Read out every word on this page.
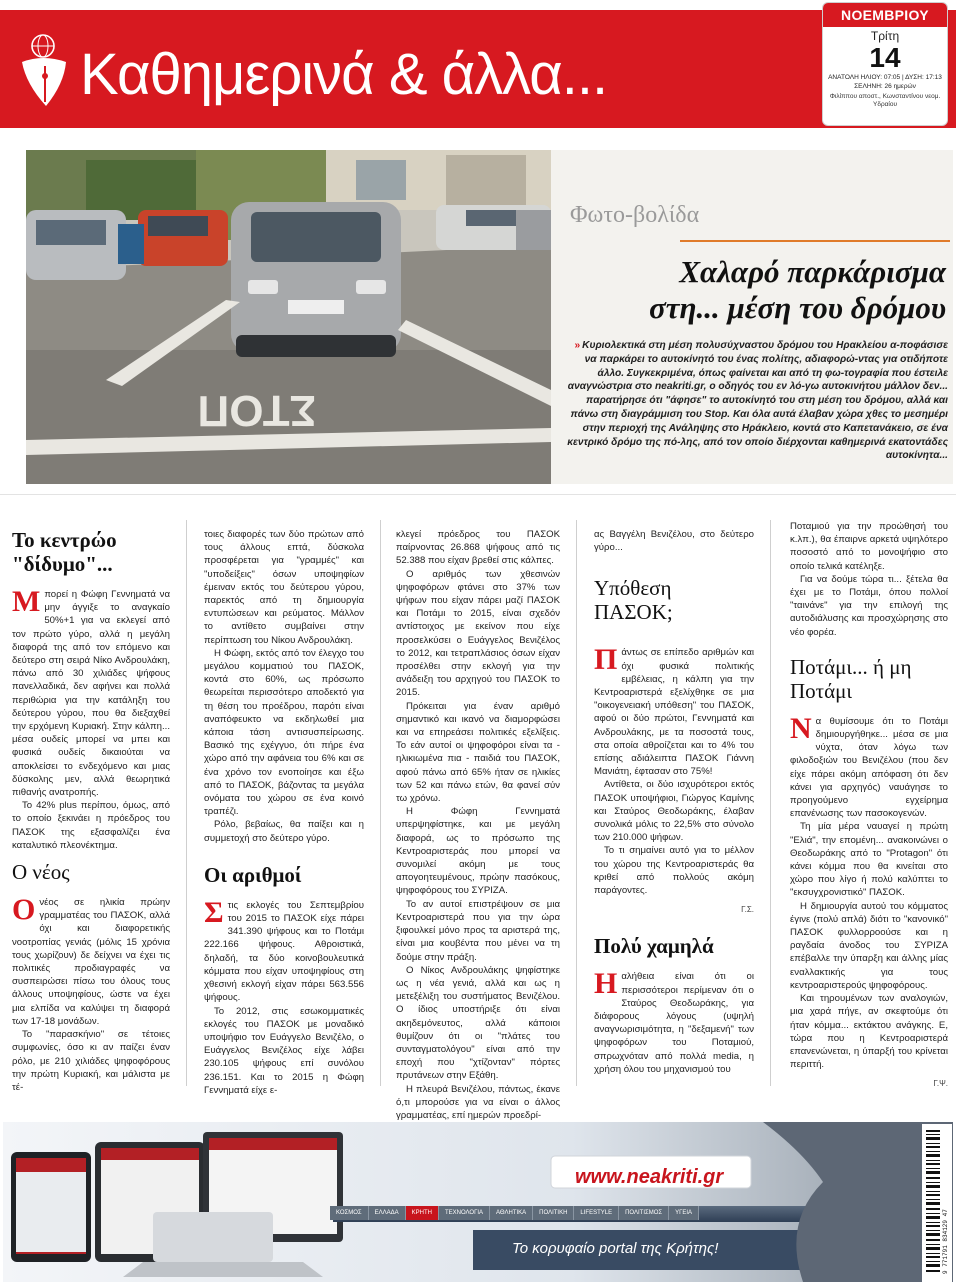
Καθημερινά & άλλα...
ΝΟΕΜΒΡΙΟΥ
Τρίτη
14
ΑΝΑΤΟΛΗ ΗΛΙΟΥ: 07:05 | ΔΥΣΗ: 17:13
ΣΕΛΗΝΗ: 26 ημερών
Φιλίππου αποστ., Κωνσταντίνου νεομ. Υδραίου
ΣΤΟΠ
Φωτο-βολίδα
Χαλαρό παρκάρισμα
στη... μέση του δρόμου
» Κυριολεκτικά στη μέση πολυσύχναστου δρόμου του Ηρακλείου α-ποφάσισε να παρκάρει το αυτοκίνητό του ένας πολίτης, αδιαφορώ-ντας για οτιδήποτε άλλο. Συγκεκριμένα, όπως φαίνεται και από τη φω-τογραφία που έστειλε αναγνώστρια στο neakriti.gr, ο οδηγός του εν λό-γω αυτοκινήτου μάλλον δεν... παρατήρησε ότι "άφησε" το αυτοκίνητό του στη μέση του δρόμου, αλλά και πάνω στη διαγράμμιση του Stop. Και όλα αυτά έλαβαν χώρα χθες το μεσημέρι στην περιοχή της Ανάληψης στο Ηράκλειο, κοντά στο Καπετανάκειο, σε ένα κεντρικό δρόμο της πό-λης, από τον οποίο διέρχονται καθημερινά εκατοντάδες αυτοκίνητα...
Το κεντρώο "δίδυμο"...

Μπορεί η Φώφη Γεννηματά να μην άγγιξε το αναγκαίο 50%+1 για να εκλεγεί από τον πρώτο γύρο, αλλά η μεγάλη διαφορά της από τον επόμενο και δεύτερο στη σειρά Νίκο Ανδρουλάκη, πάνω από 30 χιλιάδες ψήφους πανελλαδικά, δεν αφήνει και πολλά περιθώρια για την κατάληξη του δεύτερου γύρου, που θα διεξαχθεί την ερχόμενη Κυριακή. Στην κάλπη... μέσα ουδείς μπορεί να μπει και φυσικά ουδείς δικαιούται να αποκλείσει το ενδεχόμενο και μιας δύσκολης μεν, αλλά θεωρητικά πιθανής ανατροπής.

Το 42% plus περίπου, όμως, από το οποίο ξεκινάει η πρόεδρος του ΠΑΣΟΚ της εξασφαλίζει ένα καταλυτικό πλεονέκτημα.

Ο νέος

Ονέος σε ηλικία πρώην γραμματέας του ΠΑΣΟΚ, αλλά όχι και διαφορετικής νοοτροπίας γενιάς (μόλις 15 χρόνια τους χωρίζουν) δε δείχνει να έχει τις πολιτικές προδιαγραφές να συσπειρώσει πίσω του όλους τους άλλους υποψηφίους, ώστε να έχει μια ελπίδα να καλύψει τη διαφορά των 17-18 μονάδων.

Το "παρασκήνιο" σε τέτοιες συμφωνίες, όσο κι αν παίζει έναν ρόλο, με 210 χιλιάδες ψηφοφόρους την πρώτη Κυριακή, και μάλιστα με τέ-

τοιες διαφορές των δύο πρώτων από τους άλλους επτά, δύσκολα προσφέρεται για "γραμμές" και "υποδείξεις" όσων υποψηφίων έμειναν εκτός του δεύτερου γύρου, παρεκτός από τη δημιουργία εντυπώσεων και ρεύματος. Μάλλον το αντίθετο συμβαίνει στην περίπτωση του Νίκου Ανδρουλάκη.

Η Φώφη, εκτός από τον έλεγχο του μεγάλου κομματιού του ΠΑΣΟΚ, κοντά στο 60%, ως πρόσωπο θεωρείται περισσότερο αποδεκτό για τη θέση του προέδρου, παρότι είναι αναπόφευκτο να εκδηλωθεί μια κάποια τάση αντισυσπείρωσης. Βασικό της εχέγγυο, ότι πήρε ένα χώρο από την αφάνεια του 6% και σε ένα χρόνο τον ενοποίησε και έξω από το ΠΑΣΟΚ, βάζοντας τα μεγάλα ονόματα του χώρου σε ένα κοινό τραπέζι.

Ρόλο, βεβαίως, θα παίξει και η συμμετοχή στο δεύτερο γύρο.

Οι αριθμοί

Στις εκλογές του Σεπτεμβρίου του 2015 το ΠΑΣΟΚ είχε πάρει 341.390 ψήφους και το Ποτάμι 222.166 ψήφους. Αθροιστικά, δηλαδή, τα δύο κοινοβουλευτικά κόμματα που είχαν υποψηφίους στη χθεσινή εκλογή είχαν πάρει 563.556 ψήφους.

Το 2012, στις εσωκομματικές εκλογές του ΠΑΣΟΚ με μοναδικό υποψήφιο τον Ευάγγελο Βενιζέλο, ο Ευάγγελος Βενιζέλος είχε λάβει 230.105 ψήφους επί συνόλου 236.151. Και το 2015 η Φώφη Γεννηματά είχε ε-

κλεγεί πρόεδρος του ΠΑΣΟΚ παίρνοντας 26.868 ψήφους από τις 52.388 που είχαν βρεθεί στις κάλπες.

Ο αριθμός των χθεσινών ψηφοφόρων φτάνει στο 37% των ψήφων που είχαν πάρει μαζί ΠΑΣΟΚ και Ποτάμι το 2015, είναι σχεδόν αντίστοιχος με εκείνον που είχε προσελκύσει ο Ευάγγελος Βενιζέλος το 2012, και τετραπλάσιος όσων είχαν προσέλθει στην εκλογή για την ανάδειξη του αρχηγού του ΠΑΣΟΚ το 2015.

Πρόκειται για έναν αριθμό σημαντικό και ικανό να διαμορφώσει και να επηρεάσει πολιτικές εξελίξεις. Το εάν αυτοί οι ψηφοφόροι είναι τα - ηλικιωμένα πια - παιδιά του ΠΑΣΟΚ, αφού πάνω από 65% ήταν σε ηλικίες των 52 και πάνω ετών, θα φανεί σύν τω χρόνω.

Η Φώφη Γεννηματά υπερψηφίστηκε, και με μεγάλη διαφορά, ως το πρόσωπο της Κεντροαριστεράς που μπορεί να συνομιλεί ακόμη με τους απογοητευμένους, πρώην πασόκους, ψηφοφόρους του ΣΥΡΙΖΑ.

Το αν αυτοί επιστρέψουν σε μια Κεντροαριστερά που για την ώρα ξιφουλκεί μόνο προς τα αριστερά της, είναι μια κουβέντα που μένει να τη δούμε στην πράξη.

Ο Νίκος Ανδρουλάκης ψηφίστηκε ως η νέα γενιά, αλλά και ως η μετεξέλιξη του συστήματος Βενιζέλου. Ο ίδιος υποστήριξε ότι είναι ακηδεμόνευτος, αλλά κάποιοι θυμίζουν ότι οι "πλάτες του συνταγματολόγου" είναι από την εποχή που "χτίζονταν" πόρτες πρυτάνεων στην Εξάθη.

Η πλευρά Βενιζέλου, πάντως, έκανε ό,τι μπορούσε για να είναι ο άλλος γραμματέας, επί ημερών προεδρί-

ας Βαγγέλη Βενιζέλου, στο δεύτερο γύρο...

Υπόθεση ΠΑΣΟΚ;

Πάντως σε επίπεδο αριθμών και όχι φυσικά πολιτικής εμβέλειας, η κάλπη για την Κεντροαριστερά εξελίχθηκε σε μια "οικογενειακή υπόθεση" του ΠΑΣΟΚ, αφού οι δύο πρώτοι, Γεννηματά και Ανδρουλάκης, με τα ποσοστά τους, στα οποία αθροίζεται και το 4% του επίσης αδιάλειπτα ΠΑΣΟΚ Γιάννη Μανιάτη, έφτασαν στο 75%!

Αντίθετα, οι δύο ισχυρότεροι εκτός ΠΑΣΟΚ υποψήφιοι, Γιώργος Καμίνης και Σταύρος Θεοδωράκης, έλαβαν συνολικά μόλις το 22,5% στο σύνολο των 210.000 ψήφων.

Το τι σημαίνει αυτό για το μέλλον του χώρου της Κεντροαριστεράς θα κριθεί από πολλούς ακόμη παράγοντες.

Γ.Σ.
Πολύ χαμηλά

Ηαλήθεια είναι ότι οι περισσότεροι περίμεναν ότι ο Σταύρος Θεοδωράκης, για διάφορους λόγους (υψηλή αναγνωρισιμότητα, η "δεξαμενή" των ψηφοφόρων του Ποταμιού, σπρωχνόταν από πολλά media, η χρήση όλου του μηχανισμού του

Ποταμιού για την προώθησή του κ.λπ.), θα έπαιρνε αρκετά υψηλότερο ποσοστό από το μονοψήφιο στο οποίο τελικά κατέληξε.

Για να δούμε τώρα τι... ξέτελα θα έχει με το Ποτάμι, όπου πολλοί "ταινάνε" για την επιλογή της αυτοδιάλυσης και προσχώρησης στο νέο φορέα.

Ποτάμι... ή μη Ποτάμι

Να θυμίσουμε ότι το Ποτάμι δημιουργήθηκε... μέσα σε μια νύχτα, όταν λόγω των φιλοδοξιών του Βενιζέλου (που δεν είχε πάρει ακόμη απόφαση ότι δεν κάνει για αρχηγός) ναυάγησε το προηγούμενο εγχείρημα επανένωσης των πασοκογενών.

Τη μία μέρα ναυαγεί η πρώτη "Ελιά", την επομένη... ανακοινώνει ο Θεοδωράκης από το "Protagon" ότι κάνει κόμμα που θα κινείται στο χώρο που λίγο ή πολύ καλύπτει το "εκσυγχρονιστικό" ΠΑΣΟΚ.

Η δημιουργία αυτού του κόμματος έγινε (πολύ απλά) διότι το "κανονικό" ΠΑΣΟΚ φυλλορροούσε και η ραγδαία άνοδος του ΣΥΡΙΖΑ επέβαλλε την ύπαρξη και άλλης μίας εναλλακτικής για τους κεντροαριστερούς ψηφοφόρους.

Και τηρουμένων των αναλογιών, μια χαρά πήγε, αν σκεφτούμε ότι ήταν κόμμα... εκτάκτου ανάγκης. Ε, τώρα που η Κεντροαριστερά επανενώνεται, η ύπαρξή του κρίνεται περιττή.

Γ.Ψ.
www.neakriti.gr
ΚΟΣΜΟΣ	ΕΛΛΑΔΑ	ΚΡΗΤΗ	ΤΕΧΝΟΛΟΓΙΑ	ΑΘΛΗΤΙΚΑ	ΠΟΛΙΤΙΚΗ	LIFESTYLE	ΠΟΛΙΤΙΣΜΟΣ	ΥΓΕΙΑ
Το κορυφαίο portal της Κρήτης!	9 771791 834129 47
